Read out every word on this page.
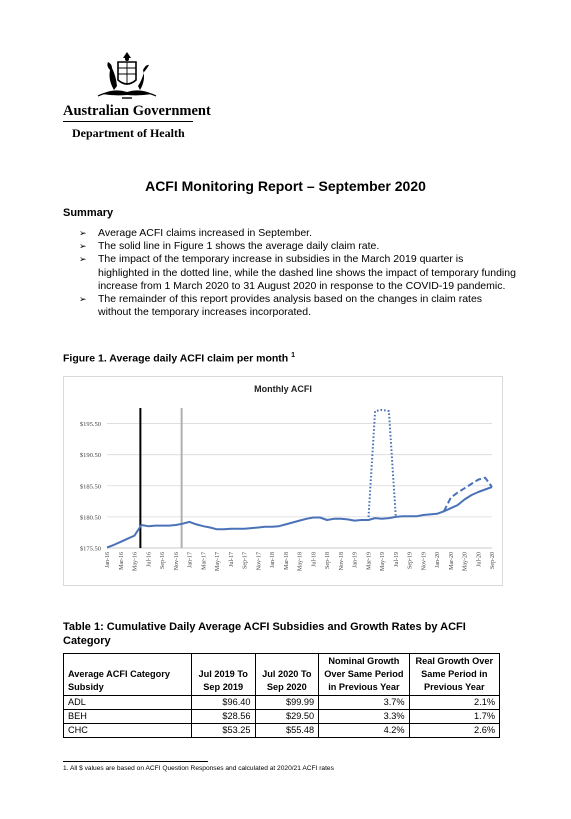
Australian Government
Department of Health
ACFI Monitoring Report – September 2020
Summary
➢ Average ACFI claims increased in September.
➢ The solid line in Figure 1 shows the average daily claim rate.
➢ The impact of the temporary increase in subsidies in the March 2019 quarter is highlighted in the dotted line, while the dashed line shows the impact of temporary funding increase from 1 March 2020 to 31 August 2020 in response to the COVID-19 pandemic.
➢ The remainder of this report provides analysis based on the changes in claim rates without the temporary increases incorporated.
Figure 1. Average daily ACFI claim per month $^1$
Monthly ACFI
$175.50
$180.50
$185.50
$190.50
$195.50
Jan-16 Mar-16 May-16 Jul-16 Sep-16 Nov-16 Jan-17 Mar-17 May-17 Jul-17 Sep-17 Nov-17 Jan-18 Mar-18 May-18 Jul-18 Sep-18 Nov-18 Jan-19 Mar-19 May-19 Jul-19 Sep-19 Nov-19 Jan-20 Mar-20 May-20 Jul-20 Sep-20
Table 1: Cumulative Daily Average ACFI Subsidies and Growth Rates by ACFI Category
Average ACFI Category Subsidy	Jul 2019 To Sep 2019	Jul 2020 To Sep 2020	Nominal Growth Over Same Period in Previous Year	Real Growth Over Same Period in Previous Year
ADL	$96.40	$99.99	3.7%	2.1%
BEH	$28.56	$29.50	3.3%	1.7%
CHC	$53.25	$55.48	4.2%	2.6%
1. All $ values are based on ACFI Question Responses and calculated at 2020/21 ACFI rates
